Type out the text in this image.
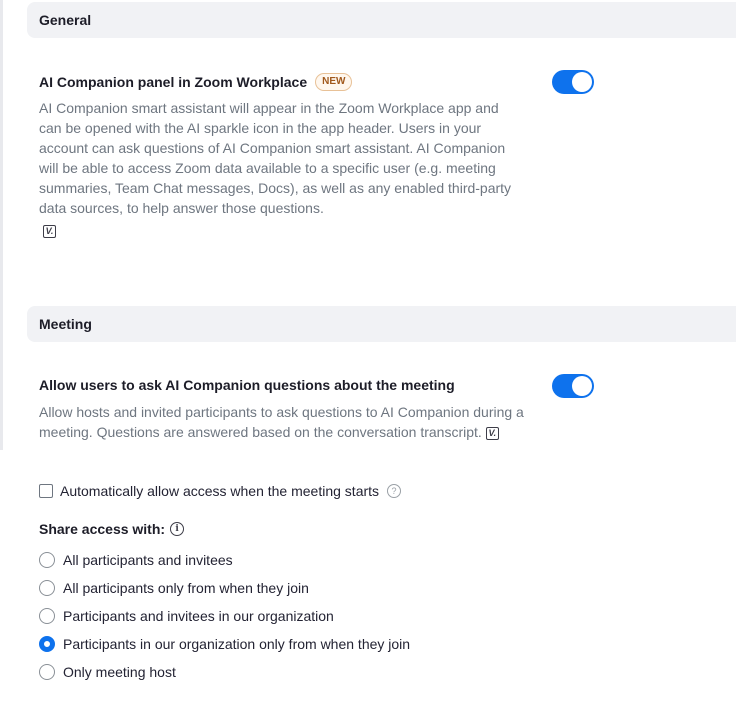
General
AI Companion panel in Zoom Workplace	NEW
AI Companion smart assistant will appear in the Zoom Workplace app and can be opened with the AI sparkle icon in the app header. Users in your account can ask questions of AI Companion smart assistant. AI Companion will be able to access Zoom data available to a specific user (e.g. meeting summaries, Team Chat messages, Docs), as well as any enabled third-party data sources, to help answer those questions.
V.
Meeting
Allow users to ask AI Companion questions about the meeting
Allow hosts and invited participants to ask questions to AI Companion during a meeting. Questions are answered based on the conversation transcript. V.
Automatically allow access when the meeting starts	?
Share access with:	i
All participants and invitees
All participants only from when they join
Participants and invitees in our organization
Participants in our organization only from when they join
Only meeting host
